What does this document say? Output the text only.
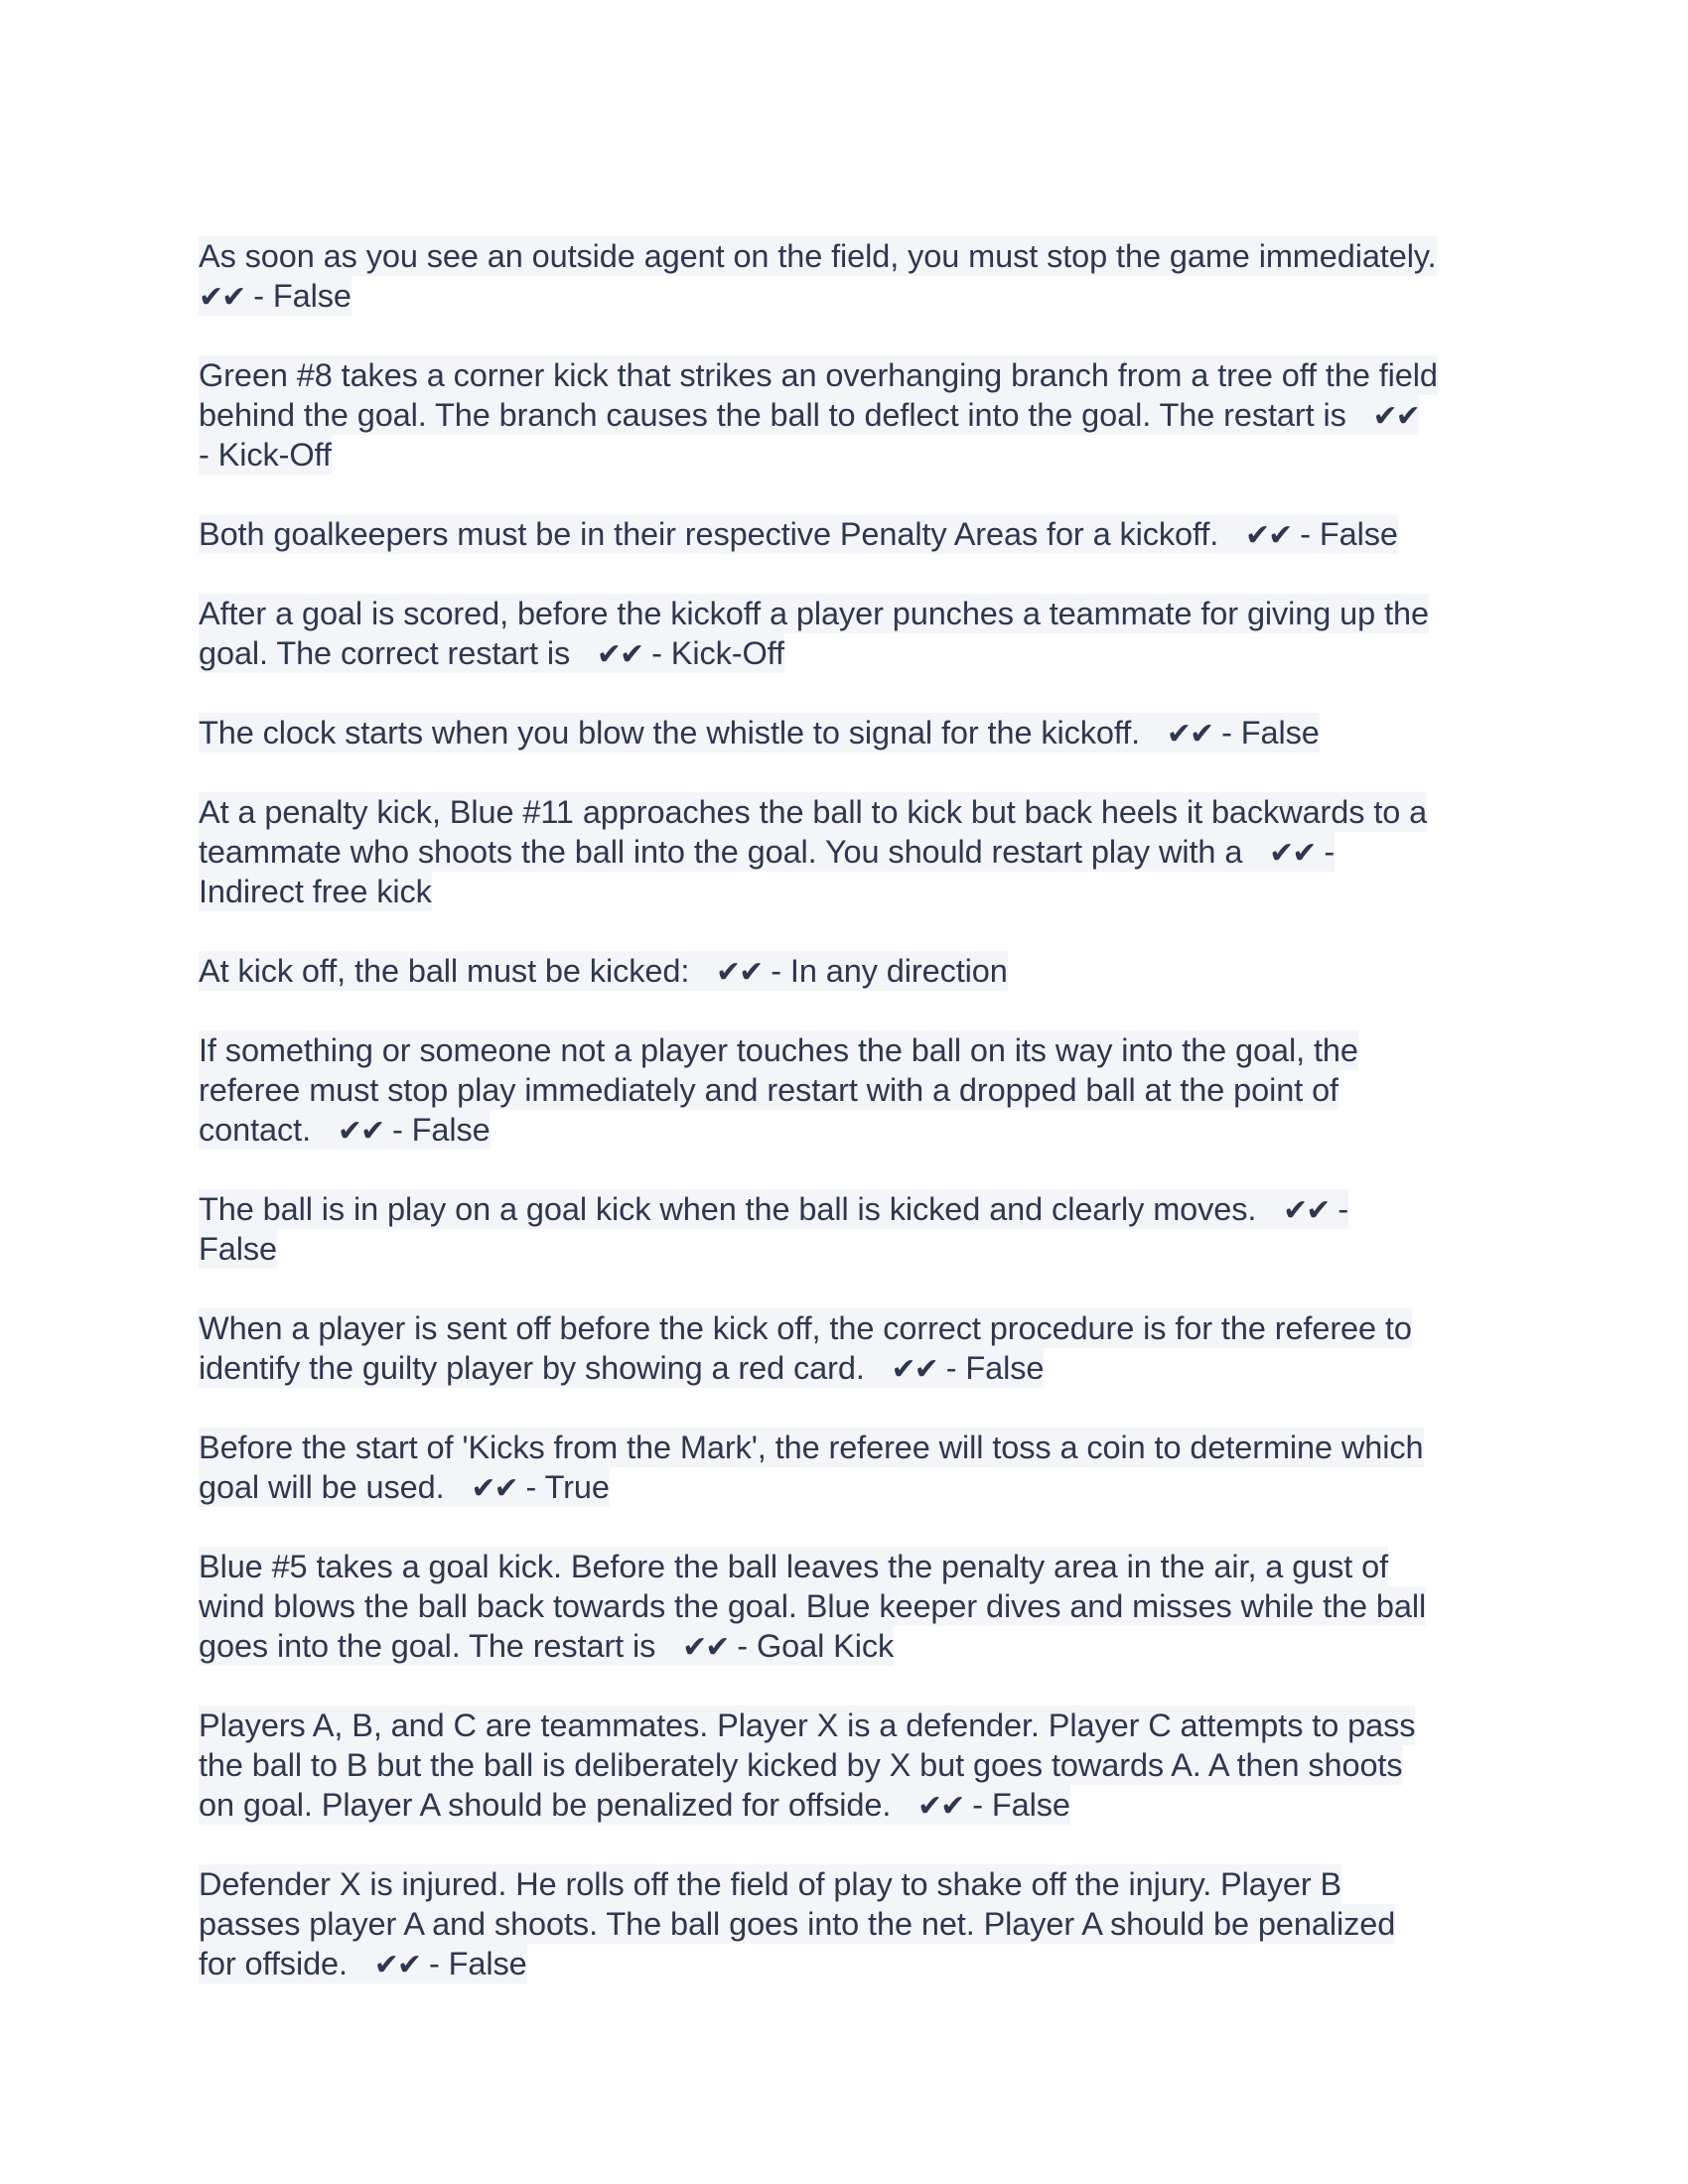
As soon as you see an outside agent on the field, you must stop the game immediately.
✔✔ - False
Green #8 takes a corner kick that strikes an overhanging branch from a tree off the field
behind the goal. The branch causes the ball to deflect into the goal. The restart is   ✔✔
- Kick-Off
Both goalkeepers must be in their respective Penalty Areas for a kickoff.   ✔✔ - False
After a goal is scored, before the kickoff a player punches a teammate for giving up the
goal. The correct restart is   ✔✔ - Kick-Off
The clock starts when you blow the whistle to signal for the kickoff.   ✔✔ - False
At a penalty kick, Blue #11 approaches the ball to kick but back heels it backwards to a
teammate who shoots the ball into the goal. You should restart play with a   ✔✔ -
Indirect free kick
At kick off, the ball must be kicked:   ✔✔ - In any direction
If something or someone not a player touches the ball on its way into the goal, the
referee must stop play immediately and restart with a dropped ball at the point of
contact.   ✔✔ - False
The ball is in play on a goal kick when the ball is kicked and clearly moves.   ✔✔ -
False
When a player is sent off before the kick off, the correct procedure is for the referee to
identify the guilty player by showing a red card.   ✔✔ - False
Before the start of 'Kicks from the Mark', the referee will toss a coin to determine which
goal will be used.   ✔✔ - True
Blue #5 takes a goal kick. Before the ball leaves the penalty area in the air, a gust of
wind blows the ball back towards the goal. Blue keeper dives and misses while the ball
goes into the goal. The restart is   ✔✔ - Goal Kick
Players A, B, and C are teammates. Player X is a defender. Player C attempts to pass
the ball to B but the ball is deliberately kicked by X but goes towards A. A then shoots
on goal. Player A should be penalized for offside.   ✔✔ - False
Defender X is injured. He rolls off the field of play to shake off the injury. Player B
passes player A and shoots. The ball goes into the net. Player A should be penalized
for offside.   ✔✔ - False
